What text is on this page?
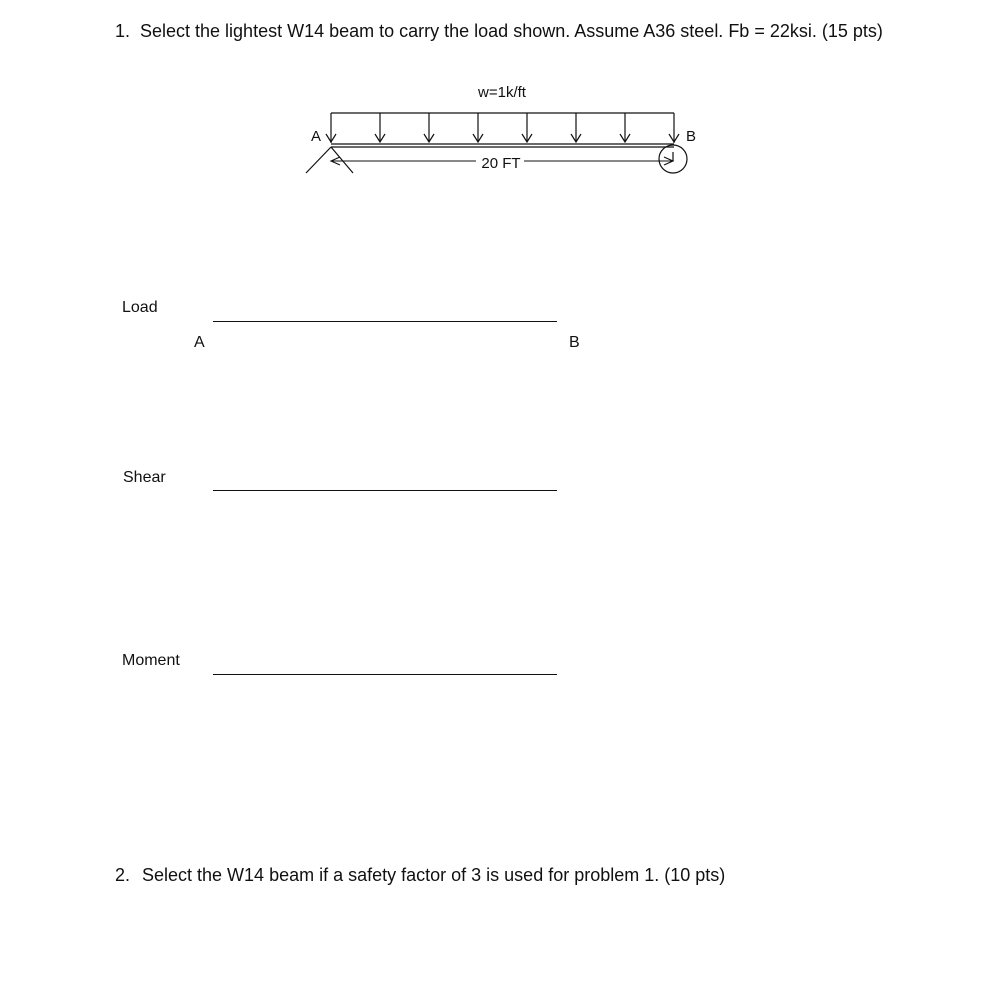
1. Select the lightest W14 beam to carry the load shown. Assume A36 steel. Fb = 22ksi. (15 pts)
w=1k/ft
20 FT
A	B
Load
A	B
Shear
Moment
2. Select the W14 beam if a safety factor of 3 is used for problem 1. (10 pts)
